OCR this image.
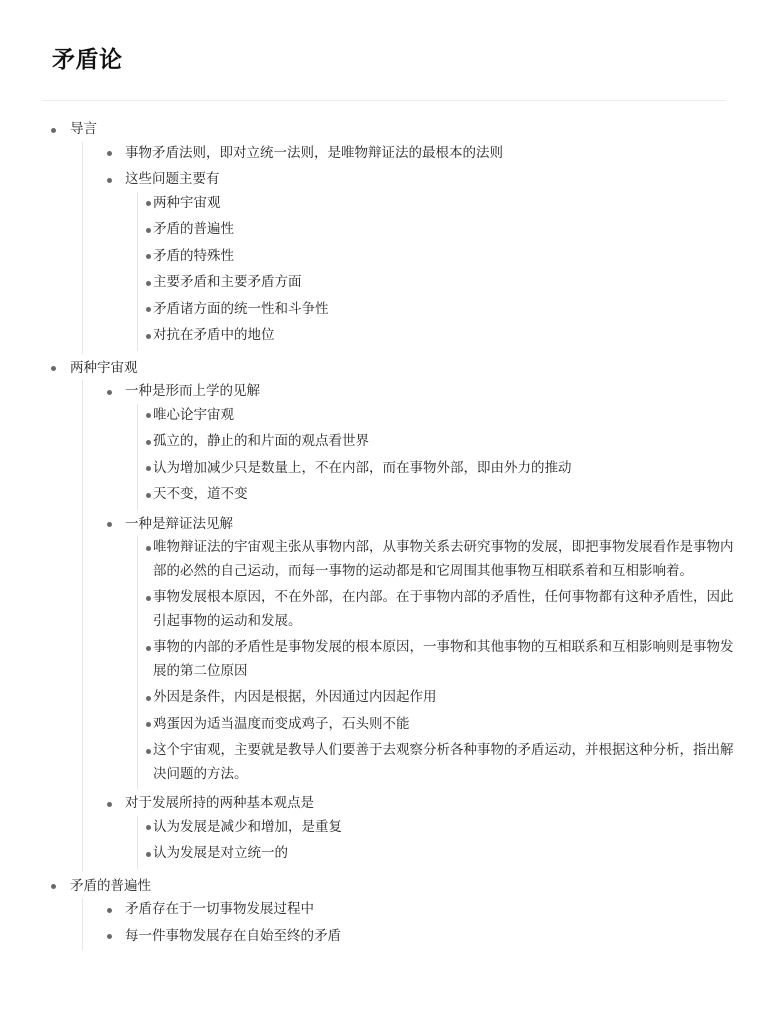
矛盾论
导言
事物矛盾法则，即对立统一法则，是唯物辩证法的最根本的法则
这些问题主要有
两种宇宙观
矛盾的普遍性
矛盾的特殊性
主要矛盾和主要矛盾方面
矛盾诸方面的统一性和斗争性
对抗在矛盾中的地位
两种宇宙观
一种是形而上学的见解
唯心论宇宙观
孤立的，静止的和片面的观点看世界
认为增加减少只是数量上，不在内部，而在事物外部，即由外力的推动
天不变，道不变
一种是辩证法见解
唯物辩证法的宇宙观主张从事物内部，从事物关系去研究事物的发展，即把事物发展看作是事物内部的必然的自己运动，而每一事物的运动都是和它周围其他事物互相联系着和互相影响着。
事物发展根本原因，不在外部，在内部。在于事物内部的矛盾性，任何事物都有这种矛盾性，因此引起事物的运动和发展。
事物的内部的矛盾性是事物发展的根本原因，一事物和其他事物的互相联系和互相影响则是事物发展的第二位原因
外因是条件，内因是根据，外因通过内因起作用
鸡蛋因为适当温度而变成鸡子，石头则不能
这个宇宙观，主要就是教导人们要善于去观察分析各种事物的矛盾运动，并根据这种分析，指出解决问题的方法。
对于发展所持的两种基本观点是
认为发展是减少和增加，是重复
认为发展是对立统一的
矛盾的普遍性
矛盾存在于一切事物发展过程中
每一件事物发展存在自始至终的矛盾
